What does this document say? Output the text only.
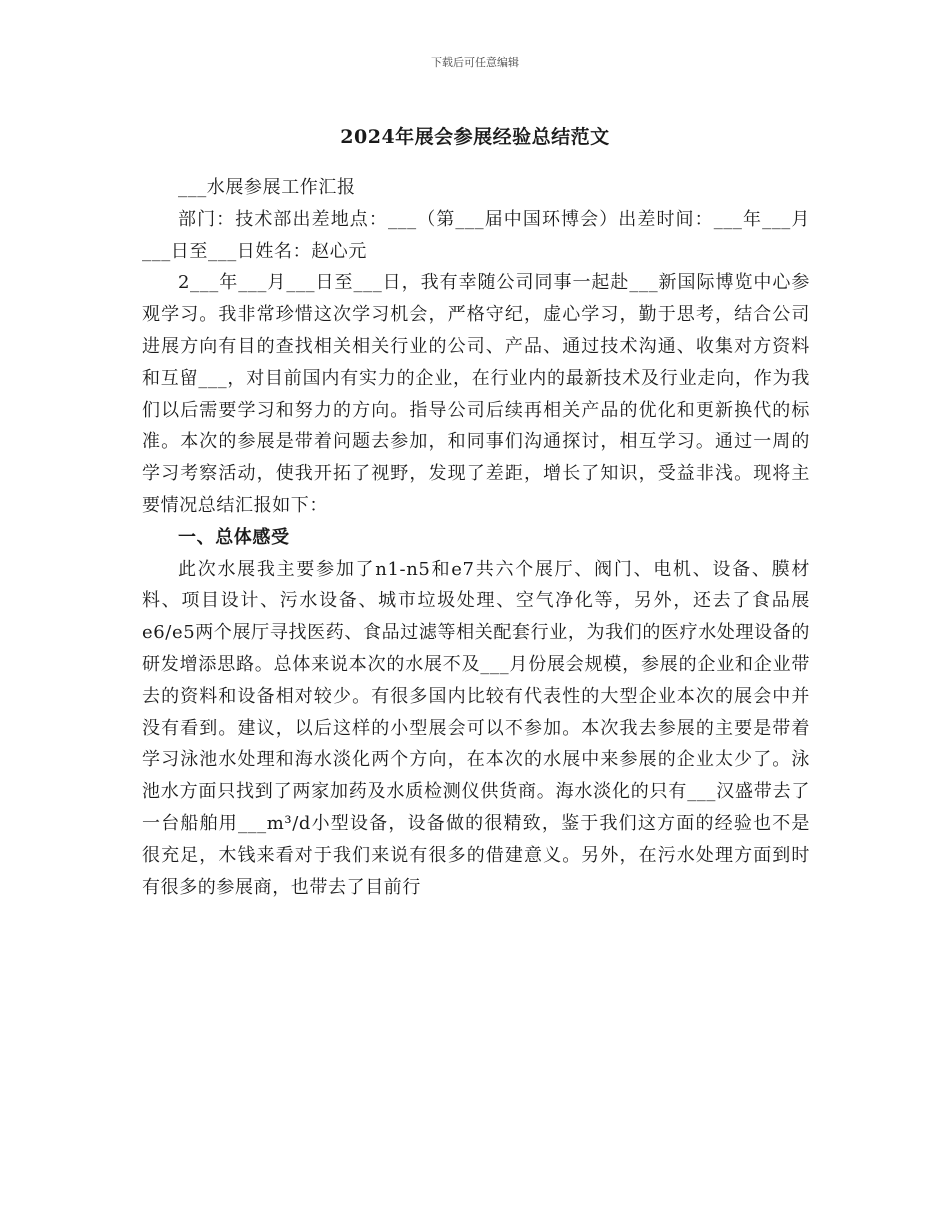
下载后可任意编辑
2024年展会参展经验总结范文

___水展参展工作汇报

部门：技术部出差地点：___（第___届中国环博会）出差时间：___年___月___日至___日姓名：赵心元

2___年___月___日至___日，我有幸随公司同事一起赴___新国际博览中心参观学习。我非常珍惜这次学习机会，严格守纪，虚心学习，勤于思考，结合公司进展方向有目的查找相关相关行业的公司、产品、通过技术沟通、收集对方资料和互留___，对目前国内有实力的企业，在行业内的最新技术及行业走向，作为我们以后需要学习和努力的方向。指导公司后续再相关产品的优化和更新换代的标准。本次的参展是带着问题去参加，和同事们沟通探讨，相互学习。通过一周的学习考察活动，使我开拓了视野，发现了差距，增长了知识，受益非浅。现将主要情况总结汇报如下：

一、总体感受

此次水展我主要参加了n1-n5和e7共六个展厅、阀门、电机、设备、膜材料、项目设计、污水设备、城市垃圾处理、空气净化等，另外，还去了食品展e6/e5两个展厅寻找医药、食品过滤等相关配套行业，为我们的医疗水处理设备的研发增添思路。总体来说本次的水展不及___月份展会规模，参展的企业和企业带去的资料和设备相对较少。有很多国内比较有代表性的大型企业本次的展会中并没有看到。建议，以后这样的小型展会可以不参加。本次我去参展的主要是带着学习泳池水处理和海水淡化两个方向，在本次的水展中来参展的企业太少了。泳池水方面只找到了两家加药及水质检测仪供货商。海水淡化的只有___汉盛带去了一台船舶用___m³/d小型设备，设备做的很精致，鉴于我们这方面的经验也不是很充足，木钱来看对于我们来说有很多的借建意义。另外，在污水处理方面到时有很多的参展商，也带去了目前行
